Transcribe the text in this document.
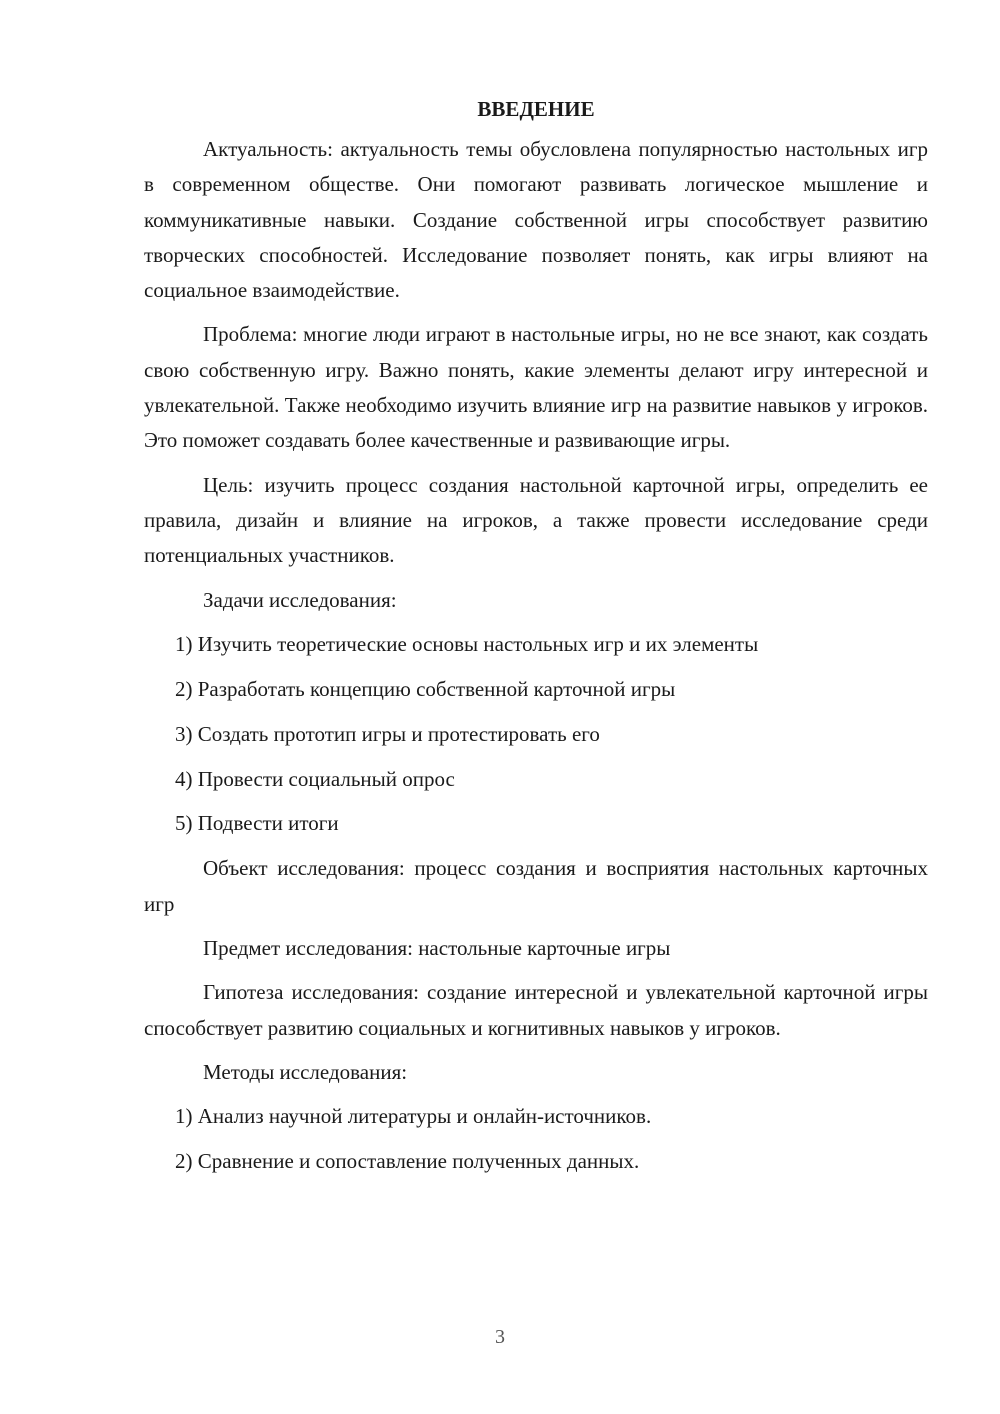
ВВЕДЕНИЕ

Актуальность: актуальность темы обусловлена популярностью настольных игр в современном обществе. Они помогают развивать логическое мышление и коммуникативные навыки. Создание собственной игры способствует развитию творческих способностей. Исследование позволяет понять, как игры влияют на социальное взаимодействие.

Проблема: многие люди играют в настольные игры, но не все знают, как создать свою собственную игру. Важно понять, какие элементы делают игру интересной и увлекательной. Также необходимо изучить влияние игр на развитие навыков у игроков. Это поможет создавать более качественные и развивающие игры.

Цель: изучить процесс создания настольной карточной игры, определить ее правила, дизайн и влияние на игроков, а также провести исследование среди потенциальных участников.

Задачи исследования:

1) Изучить теоретические основы настольных игр и их элементы
2) Разработать концепцию собственной карточной игры
3) Создать прототип игры и протестировать его
4) Провести социальный опрос
5) Подвести итоги

Объект исследования: процесс создания и восприятия настольных карточных игр

Предмет исследования: настольные карточные игры

Гипотеза исследования: создание интересной и увлекательной карточной игры способствует развитию социальных и когнитивных навыков у игроков.

Методы исследования:

1) Анализ научной литературы и онлайн-источников.
2) Сравнение и сопоставление полученных данных.
3
